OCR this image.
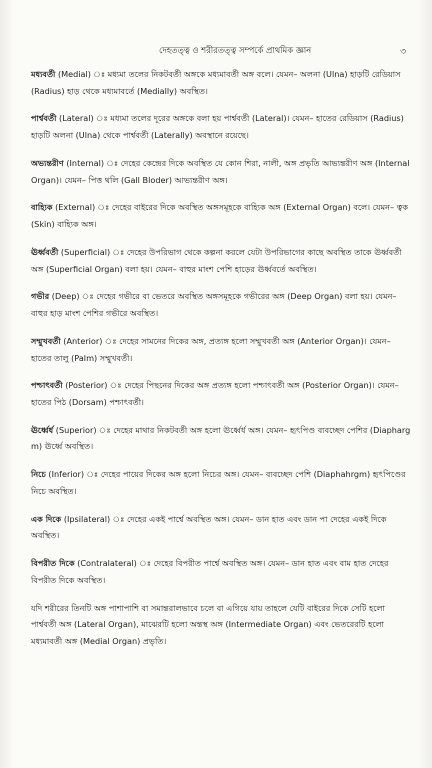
দেহতত্ত্ব ও শরীরতত্ত্ব সম্পর্কে প্রাথমিক জ্ঞান	৩

মধ্যবর্তী (Medial) ঃ মধ্যমা তলের নিকটবর্তী অঙ্গকে মধ্যমাবর্তী অঙ্গ বলে। যেমন– অলনা (Ulna) হাড়টি রেডিয়াস (Radius) হাড় থেকে মধ্যমাবর্তে (Medially) অবস্থিত।

পার্শ্ববর্তী (Lateral) ঃ মধ্যমা তলের দূরের অঙ্গকে বলা হয় পার্শ্ববর্তী (Lateral)। যেমন– হাতের রেডিয়াস (Radius) হাড়টি অলনা (Ulna) থেকে পার্শ্ববর্তী (Laterally) অবস্থানে রয়েছে।

অভ্যন্তরীণ (Internal) ঃ দেহের কেন্দ্রের দিকে অবস্থিত যে কোন শিরা, নালী, অঙ্গ প্রভৃতি আভ্যন্তরীণ অঙ্গ (Internal Organ)। যেমন– পিত্ত থলি (Gall Bloder) আভ্যন্তরীণ অঙ্গ।

বাহ্যিক (External) ঃ দেহের বাইরের দিকে অবস্থিত অঙ্গসমূহকে বাহ্যিক অঙ্গ (External Organ) বলে। যেমন– ত্বক (Skin) বাহ্যিক অঙ্গ।

ঊর্ধ্ববর্তী (Superficial) ঃ দেহের উপরিভাগ থেকে কল্পনা করলে যেটা উপরিভাগের কাছে অবস্থিত তাকে ঊর্ধ্ববর্তী অঙ্গ (Superficial Organ) বলা হয়। যেমন– বাহুর মাংশ পেশি হাড়ের ঊর্ধ্ববর্তে অবস্থিত।

গভীর (Deep) ঃ দেহের গভীরে বা ভেতরে অবস্থিত অঙ্গসমূহকে গভীরের অঙ্গ (Deep Organ) বলা হয়। যেমন– বাহুর হাড় মাংশ পেশির গভীরে অবস্থিত।

সম্মুখবর্তী (Anterior) ঃ দেহের সামনের দিকের অঙ্গ, প্রত্যঙ্গ হলো সম্মুখবর্তী অঙ্গ (Anterior Organ)। যেমন– হাতের তালু (Palm) সম্মুখবর্তী।

পশ্চাৎবর্তী (Posterior) ঃ দেহের পিছনের দিকের অঙ্গ প্রত্যঙ্গ হলো পশ্চাৎবর্তী অঙ্গ (Posterior Organ)। যেমন– হাতের পিঠ (Dorsam) পশ্চাৎবর্তী।

ঊর্ধ্বের্ধ (Superior) ঃ দেহের মাথার নিকটবর্তী অঙ্গ হলো ঊর্ধ্বের্ধ অঙ্গ। যেমন– হৃৎপিণ্ড ব্যবচ্ছেদ পেশির (Diapharg​m) ঊর্ধ্বে অবস্থিত।

নিচে (Inferior) ঃ দেহের পায়ের দিকের অঙ্গ হলো নিচের অঙ্গ। যেমন– ব্যবচ্ছেদ পেশি (Diaphahrgm) হৃৎপিণ্ডের নিচে অবস্থিত।

এক দিকে (Ipsilateral) ঃ দেহের একই পার্শ্বে অবস্থিত অঙ্গ। যেমন– ডান হাত এবং ডান পা দেহের একই দিকে অবস্থিত।

বিপরীত দিকে (Contralateral) ঃ দেহের বিপরীত পার্শ্বে অবস্থিত অঙ্গ। যেমন– ডান হাত এবং বাম হাত দেহের বিপরীত দিকে অবস্থিত।

যদি শরীরের তিনটি অঙ্গ পাশাপাশি বা সমান্তরালভাবে চলে বা এগিয়ে যায় তাহলে যেটি বাইরের দিকে সেটি হলো পার্শ্ববর্তী অঙ্গ (Lateral Organ), মাঝেরটি হলো অন্তস্থ অঙ্গ (Intermediate Organ) এবং ভেতরেরটি হলো মধ্যমাবর্তী অঙ্গ (Medial Organ) প্রভৃতি।
